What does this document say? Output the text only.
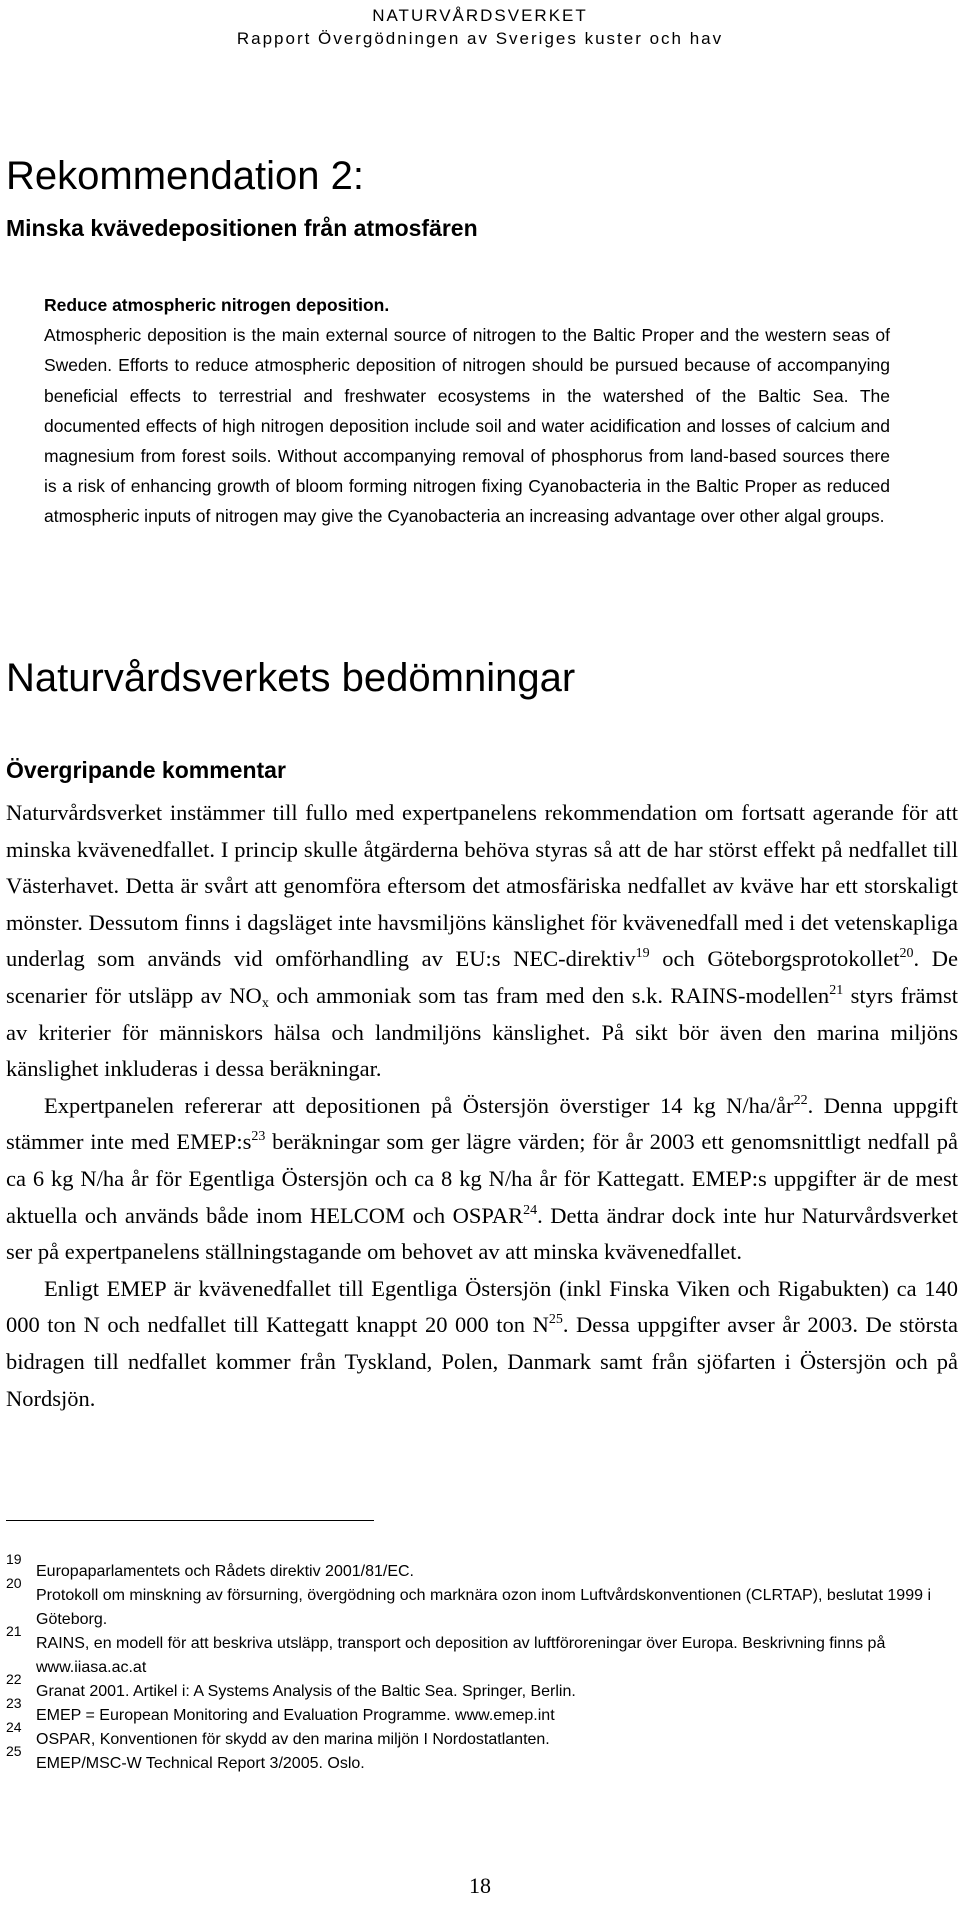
NATURVÅRDSVERKET
Rapport Övergödningen av Sveriges kuster och hav
Rekommendation 2:
Minska kvävedepositionen från atmosfären
Reduce atmospheric nitrogen deposition.
Atmospheric deposition is the main external source of nitrogen to the Baltic Proper and the western seas of Sweden. Efforts to reduce atmospheric deposition of nitrogen should be pursued because of accompanying beneficial effects to terrestrial and freshwater ecosystems in the watershed of the Baltic Sea. The documented effects of high nitrogen deposition include soil and water acidification and losses of calcium and magnesium from forest soils. Without accompanying removal of phosphorus from land-based sources there is a risk of enhancing growth of bloom forming nitrogen fixing Cyanobacteria in the Baltic Proper as reduced atmospheric inputs of nitrogen may give the Cyanobacteria an increasing advantage over other algal groups.
Naturvårdsverkets bedömningar
Övergripande kommentar

Naturvårdsverket instämmer till fullo med expertpanelens rekommendation om fortsatt agerande för att minska kvävenedfallet. I princip skulle åtgärderna behöva styras så att de har störst effekt på nedfallet till Västerhavet. Detta är svårt att genomföra eftersom det atmosfäriska nedfallet av kväve har ett storskaligt mönster. Dessutom finns i dagsläget inte havsmiljöns känslighet för kvävenedfall med i det vetenskapliga underlag som används vid omförhandling av EU:s NEC-direktiv$^{19}$ och Göteborgsprotokollet$^{20}$. De scenarier för utsläpp av $NO_x$ och ammoniak som tas fram med den s.k. RAINS-modellen$^{21}$ styrs främst av kriterier för människors hälsa och landmiljöns känslighet. På sikt bör även den marina miljöns känslighet inkluderas i dessa beräkningar.

Expertpanelen refererar att depositionen på Östersjön överstiger 14 kg $N/ha/år^{22}$. Denna uppgift stämmer inte med $EMEP:s^{23}$ beräkningar som ger lägre värden; för år 2003 ett genomsnittligt nedfall på ca 6 kg N/ha år för Egentliga Östersjön och ca 8 kg N/ha år för Kattegatt. EMEP:s uppgifter är de mest aktuella och används både inom HELCOM och OSPAR$^{24}$. Detta ändrar dock inte hur Naturvårdsverket ser på expertpanelens ställningstagande om behovet av att minska kvävenedfallet.

Enligt EMEP är kvävenedfallet till Egentliga Östersjön (inkl Finska Viken och Rigabukten) ca 140 000 ton N och nedfallet till Kattegatt knappt 20 000 ton $N^{25}$. Dessa uppgifter avser år 2003. De största bidragen till nedfallet kommer från Tyskland, Polen, Danmark samt från sjöfarten i Östersjön och på Nordsjön.

19
Europaparlamentets och Rådets direktiv 2001/81/EC.
20
Protokoll om minskning av försurning, övergödning och marknära ozon inom Luftvårdskonventionen (CLRTAP), beslutat 1999 i Göteborg.
21
RAINS, en modell för att beskriva utsläpp, transport och deposition av luftföroreningar över Europa. Beskrivning finns på www.iiasa.ac.at
22
Granat 2001. Artikel i: A Systems Analysis of the Baltic Sea. Springer, Berlin.
23
EMEP = European Monitoring and Evaluation Programme. www.emep.int
24
OSPAR, Konventionen för skydd av den marina miljön I Nordostatlanten.
25
EMEP/MSC-W Technical Report 3/2005. Oslo.
18
